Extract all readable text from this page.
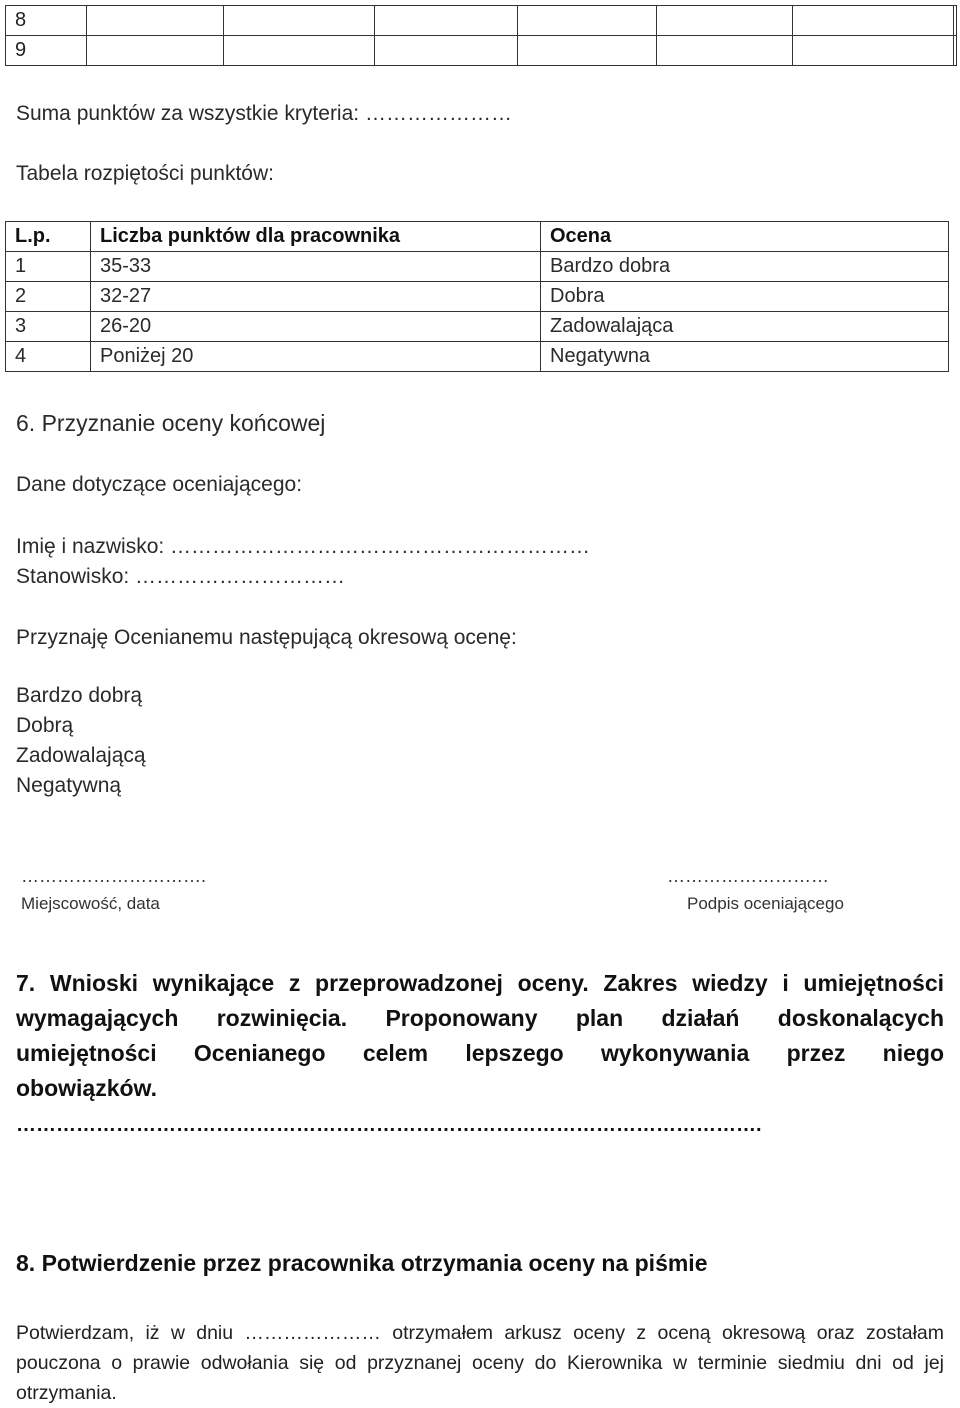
8							
9							
Suma punktów za wszystkie kryteria: …………………
Tabela rozpiętości punktów:
L.p.	Liczba punktów dla pracownika	Ocena
1	35-33	Bardzo dobra
2	32-27	Dobra
3	26-20	Zadowalająca
4	Poniżej 20	Negatywna
6. Przyznanie oceny końcowej
Dane dotyczące oceniającego:
Imię i nazwisko: ……………………………………………………
Stanowisko: …………………………
Przyznaję Ocenianemu następującą okresową ocenę:
Bardzo dobrą
Dobrą
Zadowalającą
Negatywną
………………………….
Miejscowość, data
………………………
Podpis oceniającego
7. Wnioski wynikające z przeprowadzonej oceny. Zakres wiedzy i umiejętności
wymagających rozwinięcia. Proponowany plan działań doskonalących
umiejętności Ocenianego celem lepszego wykonywania przez niego
obowiązków.
………………………………………………………………………………………………….
8. Potwierdzenie przez pracownika otrzymania oceny na piśmie
Potwierdzam, iż w dniu ………………… otrzymałem arkusz oceny z oceną okresową oraz zostałam pouczona o prawie odwołania się od przyznanej oceny do Kierownika w terminie siedmiu dni od jej otrzymania.
